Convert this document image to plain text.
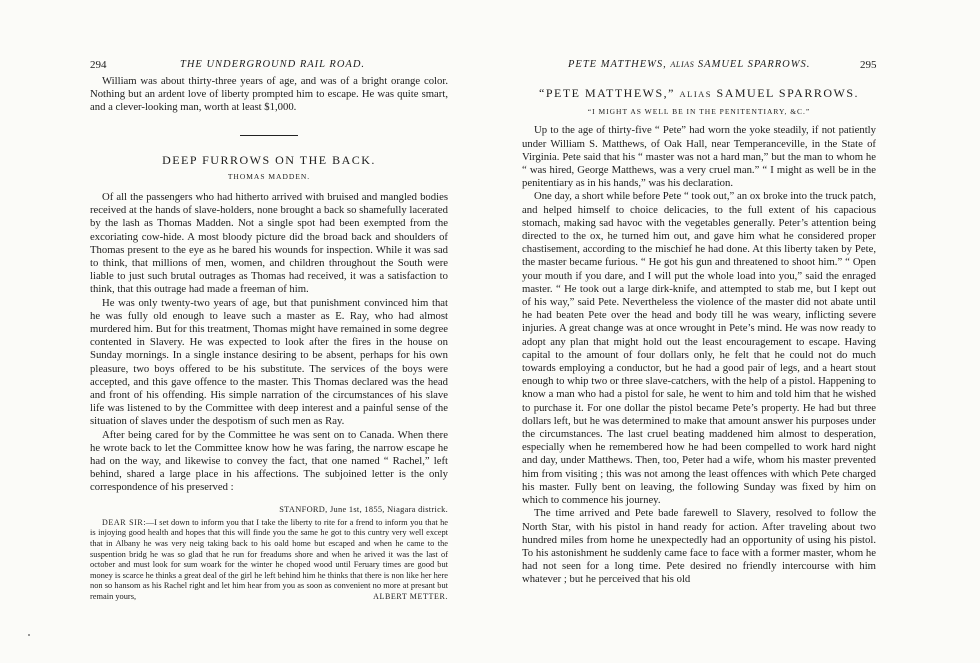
294	THE UNDERGROUND RAIL ROAD.

William was about thirty-three years of age, and was of a bright orange color. Nothing but an ardent love of liberty prompted him to escape. He was quite smart, and a clever-looking man, worth at least $1,000.

DEEP FURROWS ON THE BACK.
THOMAS MADDEN.

Of all the passengers who had hitherto arrived with bruised and mangled bodies received at the hands of slave-holders, none brought a back so shamefully lacerated by the lash as Thomas Madden. Not a single spot had been exempted from the excoriating cow-hide. A most bloody picture did the broad back and shoulders of Thomas present to the eye as he bared his wounds for inspection. While it was sad to think, that millions of men, women, and children throughout the South were liable to just such brutal outrages as Thomas had received, it was a satisfaction to think, that this outrage had made a freeman of him.

He was only twenty-two years of age, but that punishment convinced him that he was fully old enough to leave such a master as E. Ray, who had almost murdered him. But for this treatment, Thomas might have remained in some degree contented in Slavery. He was expected to look after the fires in the house on Sunday mornings. In a single instance desiring to be absent, perhaps for his own pleasure, two boys offered to be his substitute. The services of the boys were accepted, and this gave offence to the master. This Thomas declared was the head and front of his offending. His simple narration of the circumstances of his slave life was listened to by the Committee with deep interest and a painful sense of the situation of slaves under the despotism of such men as Ray.

After being cared for by the Committee he was sent on to Canada. When there he wrote back to let the Committee know how he was faring, the narrow escape he had on the way, and likewise to convey the fact, that one named “ Rachel,” left behind, shared a large place in his affections. The subjoined letter is the only correspondence of his preserved :

STANFORD, June 1st, 1855, Niagara districk.
DEAR SIR:—I set down to inform you that I take the liberty to rite for a frend to inform you that he is injoying good health and hopes that this will finde you the same he got to this cuntry very well except that in Albany he was very neig taking back to his oald home but escaped and when he came to the suspention bridg he was so glad that he run for freadums shore and when he arived it was the last of october and must look for sum woark for the winter he choped wood until Feruary times are good but money is scarce he thinks a great deal of the girl he left behind him he thinks that there is non like her here non so hansom as his Rachel right and let him hear from you as soon as convenient no more at presant but remain yours,	ALBERT METTER.
PETE MATTHEWS, ALIAS SAMUEL SPARROWS.	295
“PETE MATTHEWS,” ALIAS SAMUEL SPARROWS.
“I MIGHT AS WELL BE IN THE PENITENTIARY, &C.”

Up to the age of thirty-five “ Pete” had worn the yoke steadily, if not patiently under William S. Matthews, of Oak Hall, near Temperanceville, in the State of Virginia. Pete said that his “ master was not a hard man,” but the man to whom he “ was hired, George Matthews, was a very cruel man.” “ I might as well be in the penitentiary as in his hands,” was his declaration.

One day, a short while before Pete “ took out,” an ox broke into the truck patch, and helped himself to choice delicacies, to the full extent of his capacious stomach, making sad havoc with the vegetables generally. Peter’s attention being directed to the ox, he turned him out, and gave him what he considered proper chastisement, according to the mischief he had done. At this liberty taken by Pete, the master became furious. “ He got his gun and threatened to shoot him.” “ Open your mouth if you dare, and I will put the whole load into you,” said the enraged master. “ He took out a large dirk-knife, and attempted to stab me, but I kept out of his way,” said Pete. Nevertheless the violence of the master did not abate until he had beaten Pete over the head and body till he was weary, inflicting severe injuries. A great change was at once wrought in Pete’s mind. He was now ready to adopt any plan that might hold out the least encouragement to escape. Having capital to the amount of four dollars only, he felt that he could not do much towards employing a conductor, but he had a good pair of legs, and a heart stout enough to whip two or three slave-catchers, with the help of a pistol. Happening to know a man who had a pistol for sale, he went to him and told him that he wished to purchase it. For one dollar the pistol became Pete’s property. He had but three dollars left, but he was determined to make that amount answer his purposes under the circumstances. The last cruel beating maddened him almost to desperation, especially when he remembered how he had been compelled to work hard night and day, under Matthews. Then, too, Peter had a wife, whom his master prevented him from visiting ; this was not among the least offences with which Pete charged his master. Fully bent on leaving, the following Sunday was fixed by him on which to commence his journey.

The time arrived and Pete bade farewell to Slavery, resolved to follow the North Star, with his pistol in hand ready for action. After traveling about two hundred miles from home he unexpectedly had an opportunity of using his pistol. To his astonishment he suddenly came face to face with a former master, whom he had not seen for a long time. Pete desired no friendly intercourse with him whatever ; but he perceived that his old
